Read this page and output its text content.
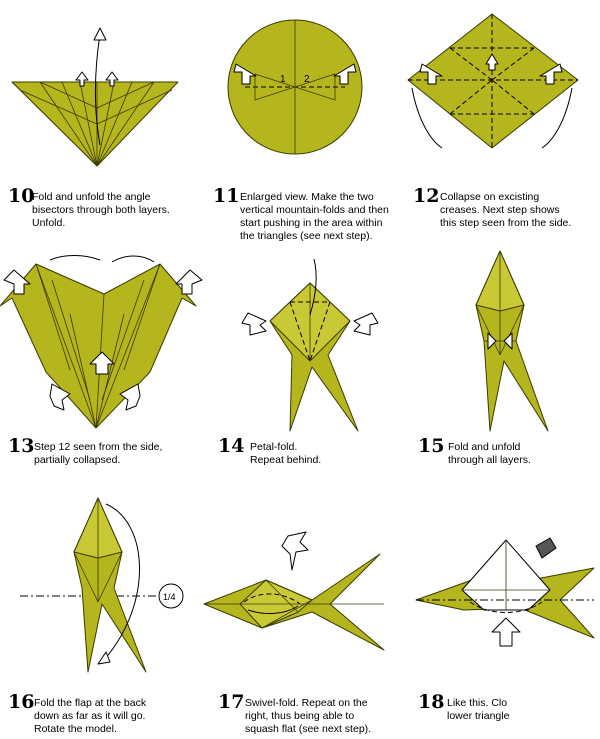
10
Fold and unfold the angle
bisectors through both layers.
Unfold.
1 2
11 Enlarged view. Make the two
vertical mountain-folds and then
start pushing in the area within
the triangles (see next step).
12 Collapse on excisting
creases. Next step shows
this step seen from the side.
13 Step 12 seen from the side,
partially collapsed.
14 Petal-fold.
Repeat behind.
15 Fold and unfold
through all layers.
1/4
16 Fold the flap at the back
down as far as it will go.
Rotate the model.
17 Swivel-fold. Repeat on the
right, thus being able to
squash flat (see next step).
18 Like this. Clo
lower triangle
